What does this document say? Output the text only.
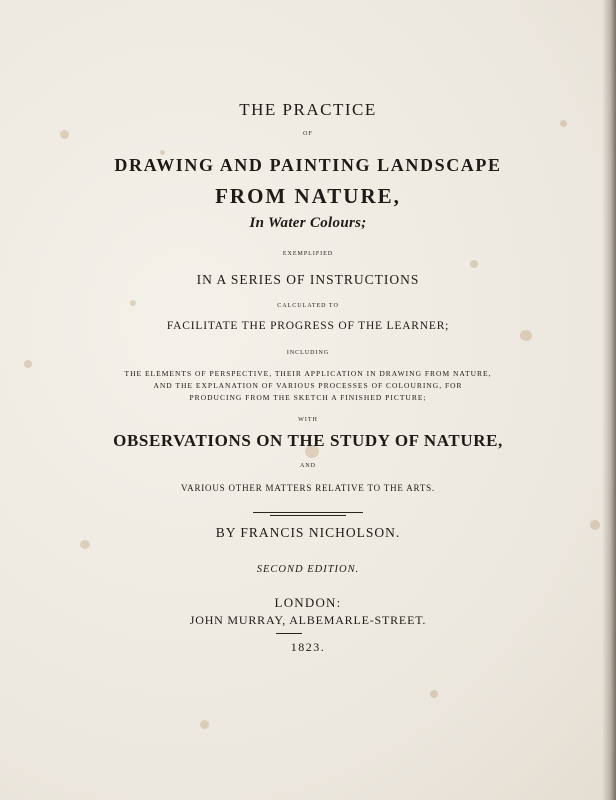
THE PRACTICE
OF
DRAWING AND PAINTING LANDSCAPE
FROM NATURE,
In Water Colours;
EXEMPLIFIED
IN A SERIES OF INSTRUCTIONS
CALCULATED TO
FACILITATE THE PROGRESS OF THE LEARNER;
INCLUDING
THE ELEMENTS OF PERSPECTIVE, THEIR APPLICATION IN DRAWING FROM NATURE,
AND THE EXPLANATION OF VARIOUS PROCESSES OF COLOURING, FOR
PRODUCING FROM THE SKETCH A FINISHED PICTURE;
WITH
OBSERVATIONS ON THE STUDY OF NATURE,
AND
VARIOUS OTHER MATTERS RELATIVE TO THE ARTS.
BY FRANCIS NICHOLSON.
SECOND EDITION.
LONDON:
JOHN MURRAY, ALBEMARLE-STREET.
1823.
